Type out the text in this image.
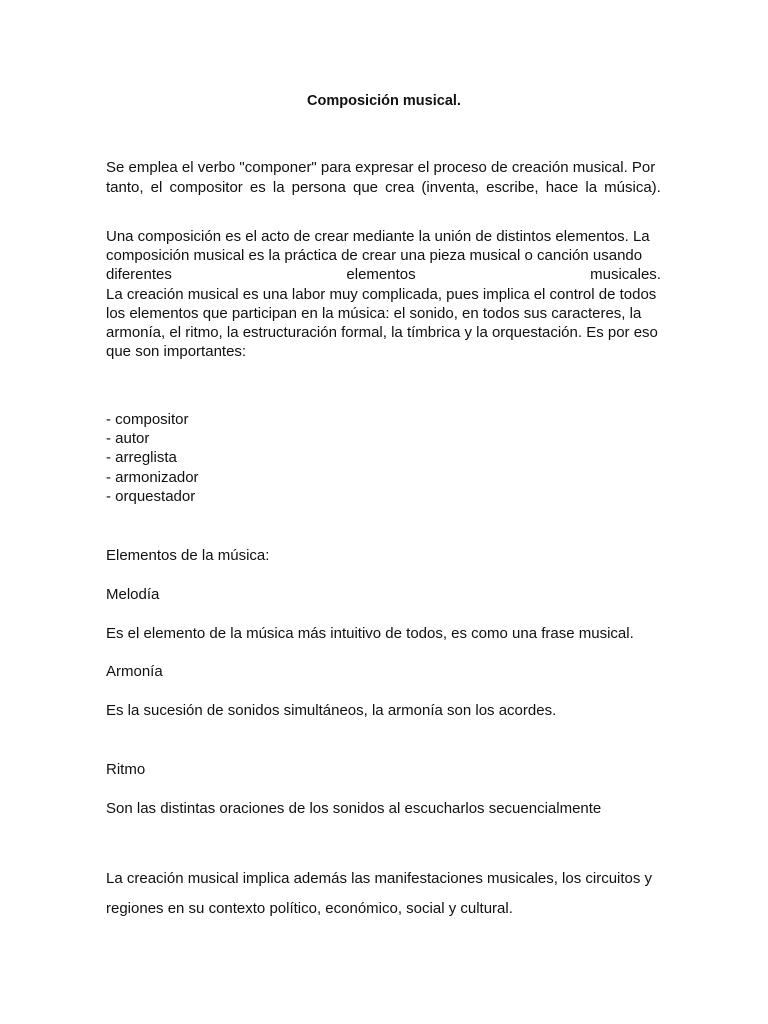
Composición musical.
Se emplea el verbo "componer" para expresar el proceso de creación musical. Por
tanto, el compositor es la persona que crea (inventa, escribe, hace la música).
Una composición es el acto de crear mediante la unión de distintos elementos. La
composición musical es la práctica de crear una pieza musical o canción usando
diferentes	elementos	musicales.
La creación musical es una labor muy complicada, pues implica el control de todos
los elementos que participan en la música: el sonido, en todos sus caracteres, la
armonía, el ritmo, la estructuración formal, la tímbrica y la orquestación. Es por eso
que son importantes:
- compositor
- autor
- arreglista
- armonizador
- orquestador
Elementos de la música:
Melodía
Es el elemento de la música más intuitivo de todos, es como una frase musical.
Armonía
Es la sucesión de sonidos simultáneos, la armonía son los acordes.
Ritmo
Son las distintas oraciones de los sonidos al escucharlos secuencialmente
La creación musical implica además las manifestaciones musicales, los circuitos y
regiones en su contexto político, económico, social y cultural.
